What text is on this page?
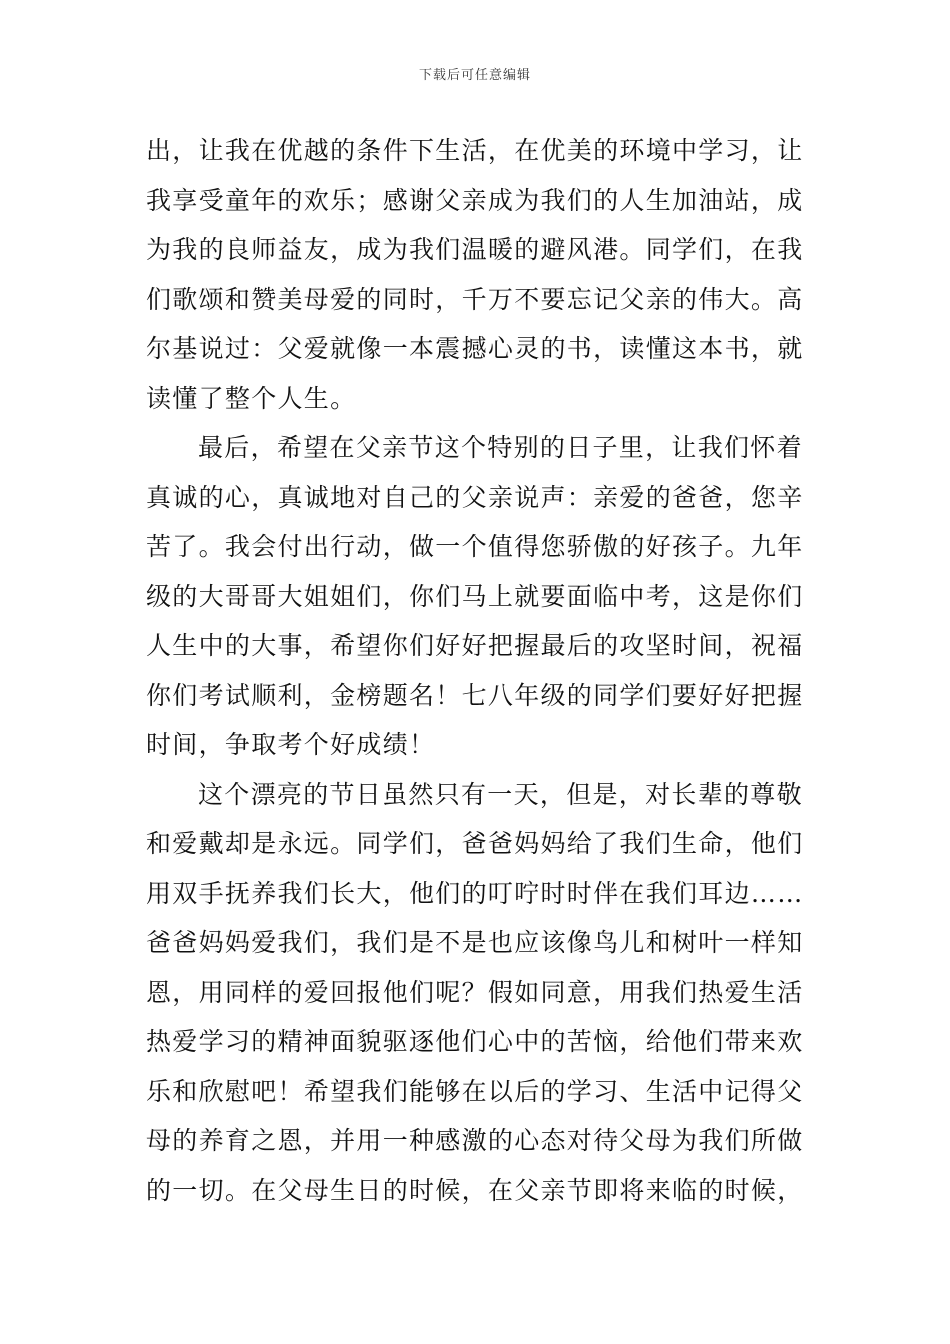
下载后可任意编辑
出，让我在优越的条件下生活，在优美的环境中学习，让
我享受童年的欢乐；感谢父亲成为我们的人生加油站，成
为我的良师益友，成为我们温暖的避风港。同学们，在我
们歌颂和赞美母爱的同时，千万不要忘记父亲的伟大。高
尔基说过：父爱就像一本震撼心灵的书，读懂这本书，就
读懂了整个人生。
最后，希望在父亲节这个特别的日子里，让我们怀着
真诚的心，真诚地对自己的父亲说声：亲爱的爸爸，您辛
苦了。我会付出行动，做一个值得您骄傲的好孩子。九年
级的大哥哥大姐姐们，你们马上就要面临中考，这是你们
人生中的大事，希望你们好好把握最后的攻坚时间，祝福
你们考试顺利，金榜题名！七八年级的同学们要好好把握
时间，争取考个好成绩！
这个漂亮的节日虽然只有一天，但是，对长辈的尊敬
和爱戴却是永远。同学们，爸爸妈妈给了我们生命，他们
用双手抚养我们长大，他们的叮咛时时伴在我们耳边……
爸爸妈妈爱我们，我们是不是也应该像鸟儿和树叶一样知
恩，用同样的爱回报他们呢？假如同意，用我们热爱生活
热爱学习的精神面貌驱逐他们心中的苦恼，给他们带来欢
乐和欣慰吧！希望我们能够在以后的学习、生活中记得父
母的养育之恩，并用一种感激的心态对待父母为我们所做
的一切。在父母生日的时候，在父亲节即将来临的时候，
